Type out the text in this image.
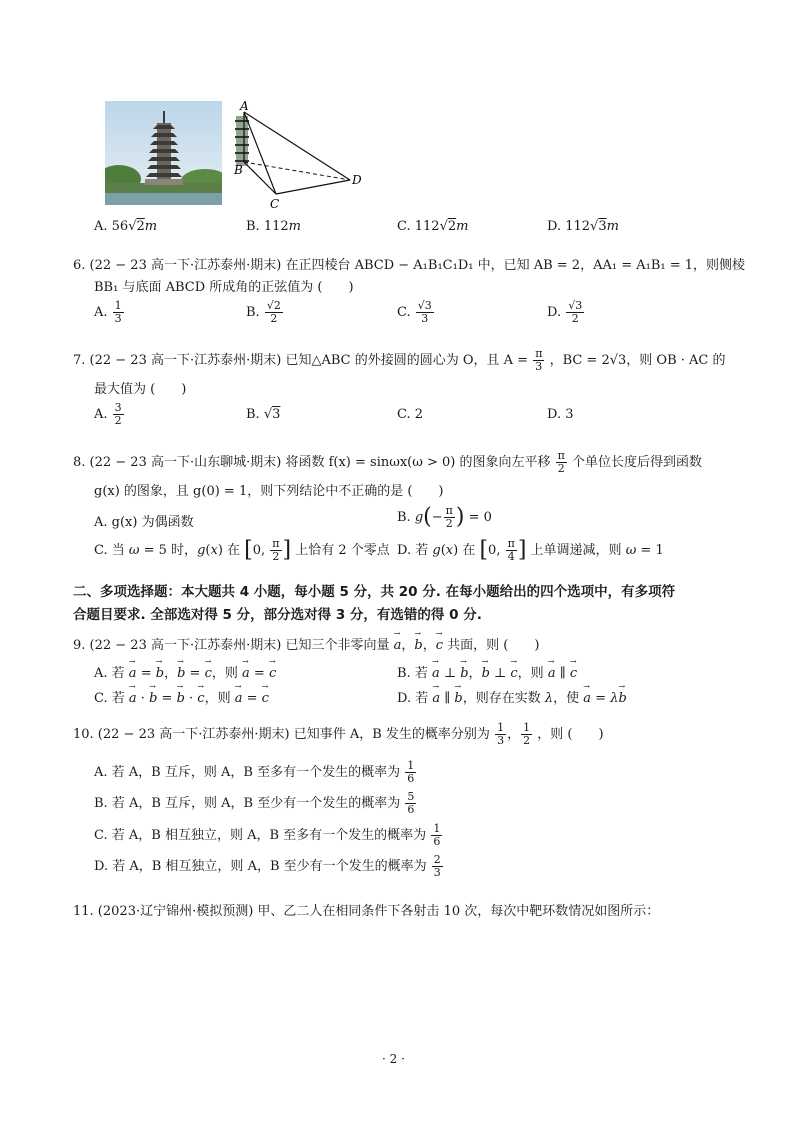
A
B
C
D
A. 56√2m	B. 112m	C. 112√2m	D. 112√3m
6. (22 − 23 高一下·江苏泰州·期末) 在正四棱台 ABCD − A₁B₁C₁D₁ 中，已知 AB = 2，AA₁ = A₁B₁ = 1，则侧棱
BB₁ 与底面 ABCD 所成角的正弦值为 (　　)
A. $\frac{1}{3}$	B. $\frac{√2}{2}$	C. $\frac{√3}{3}$	D. $\frac{√3}{2}$
7. (22 − 23 高一下·江苏泰州·期末) 已知△ABC 的外接圆的圆心为 O，且 $A = \frac{\pi}{3}$ ，BC = 2√3，则 OB · AC 的
最大值为 (　　)
A. $\frac{3}{2}$	B. √3	C. 2	D. 3
8. (22 − 23 高一下·山东聊城·期末) 将函数 f(x) = sinωx(ω > 0) 的图象向左平移 $\frac{\pi}{2}$ 个单位长度后得到函数
g(x) 的图象，且 g(0) = 1，则下列结论中不正确的是 (　　)
A. g(x) 为偶函数	B. $g(- \frac{\pi}{2}$ ) = 0
C. 当 ω = 5 时，g(x) 在 [0, $\frac{\pi}{2}$ ] 上恰有 2 个零点 D. 若 g(x) 在 [0, $\frac{\pi}{4}$ ] 上单调递减，则 ω = 1
二、多项选择题：本大题共 4 小题，每小题 5 分，共 20 分. 在每小题给出的四个选项中，有多项符
合题目要求. 全部选对得 5 分，部分选对得 3 分，有选错的得 0 分.
9. (22 − 23 高一下·江苏泰州·期末) 已知三个非零向量 → a，→ b，→ c 共面，则 (　　)
A. 若 → a = → b，→ b = → c，则 → a = → c	B. 若 → a ⊥ → b，→ b ⊥ → c，则 → a ∥ → c
C. 若 → a · → b = → b · → c，则 → a = → c	D. 若 → a ∥ → b，则存在实数 λ，使 → a = λ→ b
10. (22 − 23 高一下·江苏泰州·期末) 已知事件 A，B 发生的概率分别为 $\frac{1}{3}$ ， $\frac{1}{2}$ ，则 (　　)
A. 若 A，B 互斥，则 A，B 至多有一个发生的概率为 $\frac{1}{6}$
B. 若 A，B 互斥，则 A，B 至少有一个发生的概率为 $\frac{5}{6}$
C. 若 A，B 相互独立，则 A，B 至多有一个发生的概率为 $\frac{1}{6}$
D. 若 A，B 相互独立，则 A，B 至少有一个发生的概率为 $\frac{2}{3}$
11. (2023·辽宁锦州·模拟预测) 甲、乙二人在相同条件下各射击 10 次，每次中靶环数情况如图所示：
· 2 ·
